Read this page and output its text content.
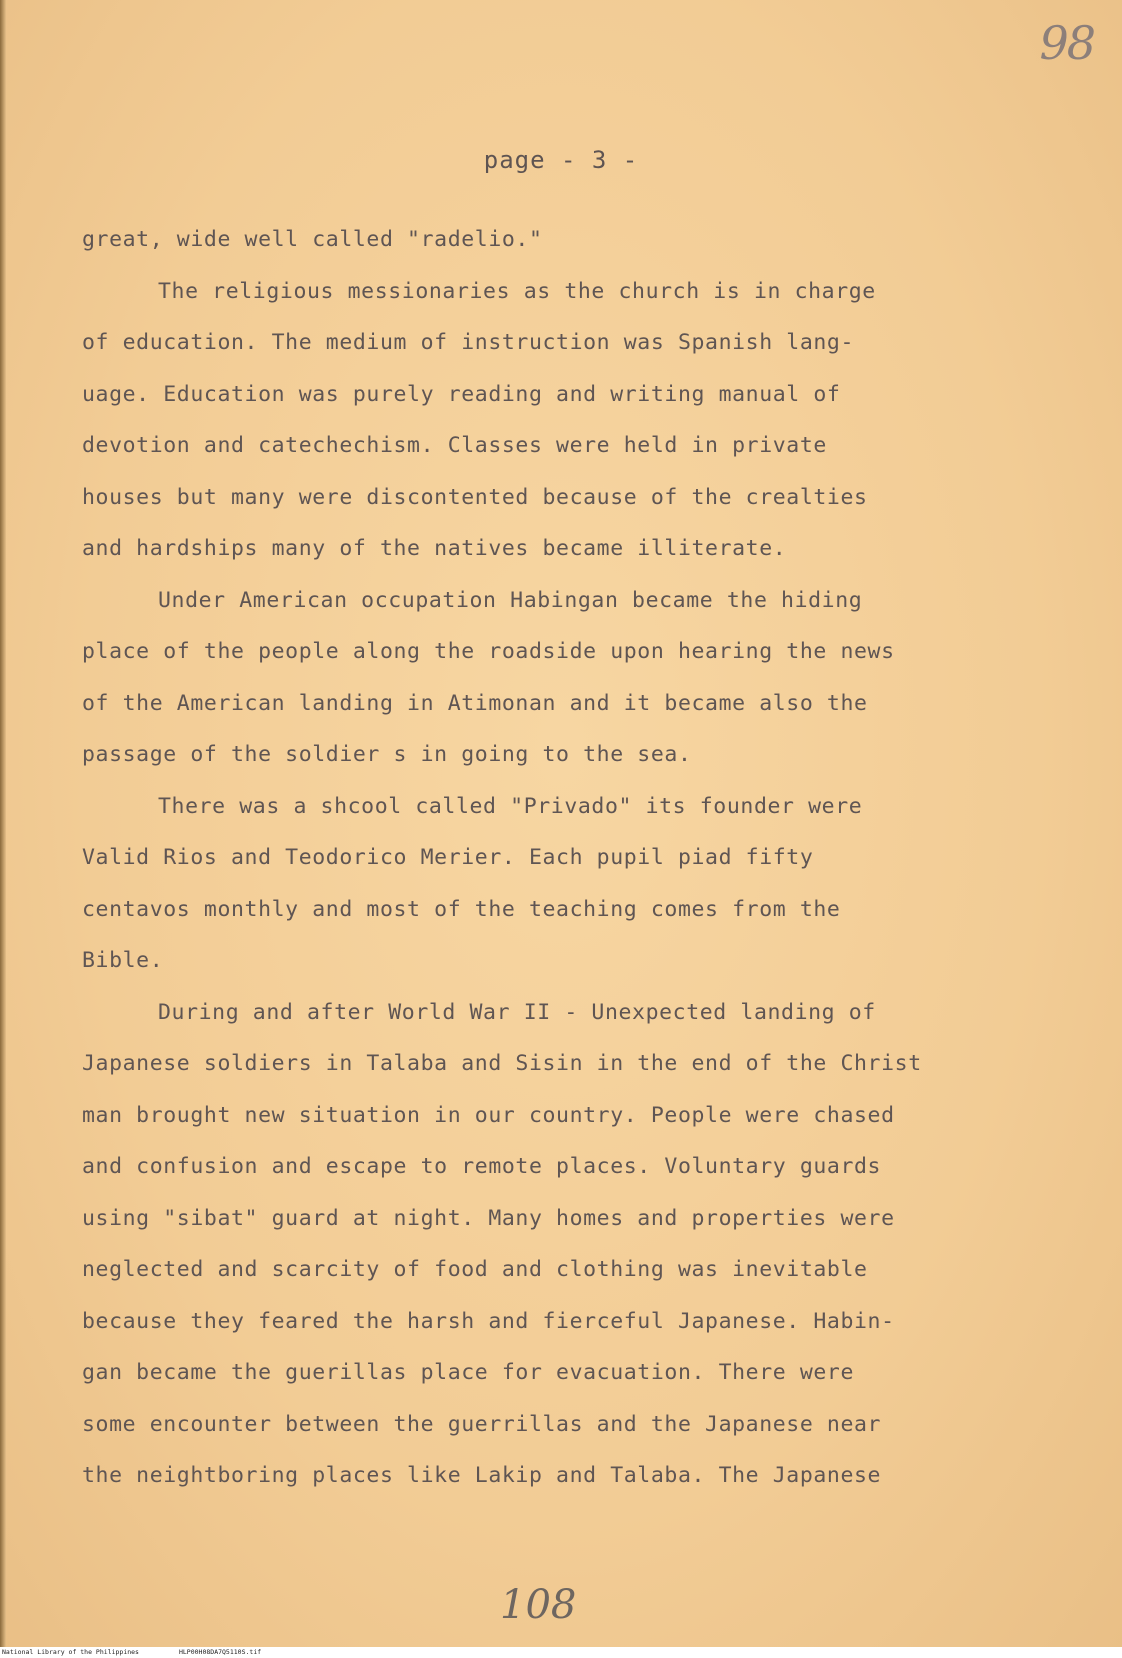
98
page - 3 -

great, wide well called "radelio."

The religious messionaries as the church is in charge

of education. The medium of instruction was Spanish lang-

uage. Education was purely reading and writing manual of

devotion and catechechism. Classes were held in private

houses but many were discontented because of the crealties

and hardships many of the natives became illiterate.

Under American occupation Habingan became the hiding

place of the people along the roadside upon hearing the news

of the American landing in Atimonan and it became also the

passage of the soldier s in going to the sea.

There was a shcool called "Privado" its founder were

Valid Rios and Teodorico Merier. Each pupil piad fifty

centavos monthly and most of the teaching comes from the

Bible.

During and after World War II - Unexpected landing of

Japanese soldiers in Talaba and Sisin in the end of the Christ

man brought new situation in our country. People were chased

and confusion and escape to remote places. Voluntary guards

using "sibat" guard at night. Many homes and properties were

neglected and scarcity of food and clothing was inevitable

because they feared the harsh and fierceful Japanese. Habin-

gan became the guerillas place for evacuation. There were

some encounter between the guerrillas and the Japanese near

the neightboring places like Lakip and Talaba. The Japanese

108
National Library of the Philippines	HLP00H08DA7Q5110S.tif
